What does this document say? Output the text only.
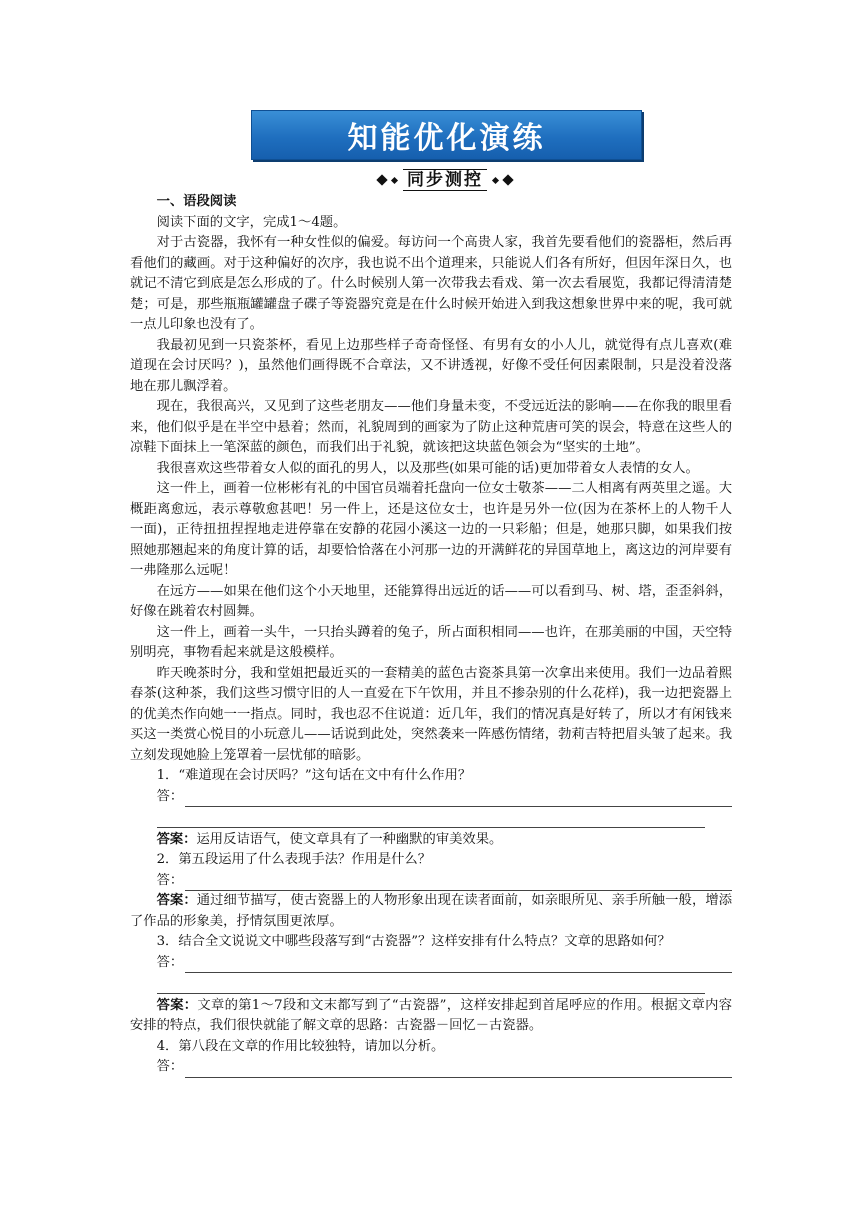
知能优化演练
同步测控

一、语段阅读

阅读下面的文字，完成1～4题。

对于古瓷器，我怀有一种女性似的偏爱。每访问一个高贵人家，我首先要看他们的瓷器柜，然后再看他们的藏画。对于这种偏好的次序，我也说不出个道理来，只能说人们各有所好，但因年深日久，也就记不清它到底是怎么形成的了。什么时候别人第一次带我去看戏、第一次去看展览，我都记得清清楚楚；可是，那些瓶瓶罐罐盘子碟子等瓷器究竟是在什么时候开始进入到我这想象世界中来的呢，我可就一点儿印象也没有了。

我最初见到一只瓷茶杯，看见上边那些样子奇奇怪怪、有男有女的小人儿，就觉得有点儿喜欢(难道现在会讨厌吗？)，虽然他们画得既不合章法，又不讲透视，好像不受任何因素限制，只是没着没落地在那儿飘浮着。

现在，我很高兴，又见到了这些老朋友——他们身量未变，不受远近法的影响——在你我的眼里看来，他们似乎是在半空中悬着；然而，礼貌周到的画家为了防止这种荒唐可笑的误会，特意在这些人的凉鞋下面抹上一笔深蓝的颜色，而我们出于礼貌，就该把这块蓝色领会为“坚实的土地”。

我很喜欢这些带着女人似的面孔的男人，以及那些(如果可能的话)更加带着女人表情的女人。

这一件上，画着一位彬彬有礼的中国官员端着托盘向一位女士敬茶——二人相离有两英里之遥。大概距离愈远，表示尊敬愈甚吧！另一件上，还是这位女士，也许是另外一位(因为在茶杯上的人物千人一面)，正待扭扭捏捏地走进停靠在安静的花园小溪这一边的一只彩船；但是，她那只脚，如果我们按照她那翘起来的角度计算的话，却要恰恰落在小河那一边的开满鲜花的异国草地上，离这边的河岸要有一弗隆那么远呢！

在远方——如果在他们这个小天地里，还能算得出远近的话——可以看到马、树、塔，歪歪斜斜，好像在跳着农村圆舞。

这一件上，画着一头牛，一只抬头蹲着的兔子，所占面积相同——也许，在那美丽的中国，天空特别明亮，事物看起来就是这般模样。

昨天晚茶时分，我和堂姐把最近买的一套精美的蓝色古瓷茶具第一次拿出来使用。我们一边品着熙春茶(这种茶，我们这些习惯守旧的人一直爱在下午饮用，并且不掺杂别的什么花样)，我一边把瓷器上的优美杰作向她一一指点。同时，我也忍不住说道：近几年，我们的情况真是好转了，所以才有闲钱来买这一类赏心悦目的小玩意儿——话说到此处，突然袭来一阵感伤情绪，勃莉吉特把眉头皱了起来。我立刻发现她脸上笼罩着一层忧郁的暗影。

1．“难道现在会讨厌吗？”这句话在文中有什么作用？

答：

答案：运用反诘语气，使文章具有了一种幽默的审美效果。

2．第五段运用了什么表现手法？作用是什么？

答：

答案：通过细节描写，使古瓷器上的人物形象出现在读者面前，如亲眼所见、亲手所触一般，增添了作品的形象美，抒情氛围更浓厚。

3．结合全文说说文中哪些段落写到“古瓷器”？这样安排有什么特点？文章的思路如何？

答：

答案：文章的第1～7段和文末都写到了“古瓷器”，这样安排起到首尾呼应的作用。根据文章内容安排的特点，我们很快就能了解文章的思路：古瓷器－回忆－古瓷器。

4．第八段在文章的作用比较独特，请加以分析。

答：
